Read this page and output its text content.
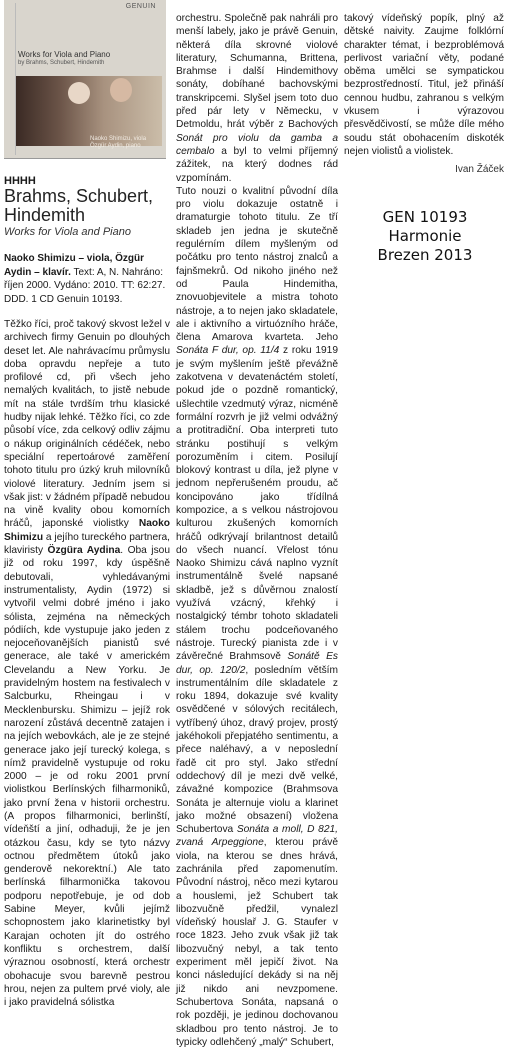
GENUIN
Works for Viola and Piano
by Brahms, Schubert, Hindemith
Naoko Shimizu, viola
Özgür Aydin, piano
HHHH
Brahms, Schubert, Hindemith
Works for Viola and Piano
Naoko Shimizu – viola, Özgür Aydin – klavír. Text: A, N. Nahráno: říjen 2000. Vydáno: 2010. TT: 62:27. DDD. 1 CD Genuin 10193.
Těžko říci, proč takový skvost ležel v archivech firmy Genuin po dlouhých deset let. Ale nahrávacímu průmyslu doba opravdu nepřeje a tuto profilové cd, při všech jeho nemalých kvalitách, to jistě nebude mít na stále tvrdším trhu klasické hudby nijak lehké. Těžko říci, co zde působí více, zda celkový odliv zájmu o nákup originálních cédéček, nebo speciální repertoárové zaměření tohoto titulu pro úzký kruh milovníků violové literatury. Jedním jsem si však jist: v žádném případě nebudou na vině kvality obou komorních hráčů, japonské violistky Naoko Shimizu a jejího tureckého partnera, klaviristy Özgüra Aydina. Oba jsou již od roku 1997, kdy úspěšně debutovali, vyhledávanými instrumentalisty, Aydin (1972) si vytvořil velmi dobré jméno i jako sólista, zejména na německých pódiích, kde vystupuje jako jeden z nejoceňovanějších pianistů své generace, ale také v americkém Clevelandu a New Yorku. Je pravidelným hostem na festivalech v Salcburku, Rheingau i v Mecklenbursku. Shimizu – jejíž rok narození zůstává decentně zatajen i na jejích webovkách, ale je ze stejné generace jako její turecký kolega, s nímž pravidelně vystupuje od roku 2000 – je od roku 2001 první violistkou Berlínských filharmoniků, jako první žena v historii orchestru. (A propos filharmonici, berlinští, vídeňští a jiní, odhaduji, že je jen otázkou času, kdy se tyto názvy octnou předmětem útoků jako genderově nekorektní.) Ale tato berlínská filharmonička takovou podporu nepotřebuje, je od dob Sabine Meyer, kvůli jejímž schopnostem jako klarinetistky byl Karajan ochoten jít do ostrého konfliktu s orchestrem, další výraznou osobností, která orchestr obohacuje svou barevně pestrou hrou, nejen za pultem prvé violy, ale i jako pravidelná sólistka
orchestru. Společně pak nahráli pro menší labely, jako je právě Genuin, některá díla skrovné violové literatury, Schumanna, Brittena, Brahmse i další Hindemithovy sonáty, dobíhané bachovskými transkripcemi. Slyšel jsem toto duo před pár lety v Německu, v Detmoldu, hrát výběr z Bachových Sonát pro violu da gamba a cembalo a byl to velmi příjemný zážitek, na který dodnes rád vzpomínám.
Tuto nouzi o kvalitní původní díla pro violu dokazuje ostatně i dramaturgie tohoto titulu. Ze tří skladeb jen jedna je skutečně regulérním dílem myšleným od počátku pro tento nástroj znalců a fajnšmekrů. Od nikoho jiného než od Paula Hindemitha, znovuobjevitele a mistra tohoto nástroje, a to nejen jako skladatele, ale i aktivního a virtuózního hráče, člena Amarova kvarteta. Jeho Sonáta F dur, op. 11/4 z roku 1919 je svým myšlením ještě převážně zakotvena v devatenáctém století, pokud jde o pozdně romantický, ušlechtile vzedmutý výraz, nicméně formální rozvrh je již velmi odvážný a protitradiční. Oba interpreti tuto stránku postihují s velkým porozuměním i citem. Posilují blokový kontrast u díla, jež plyne v jednom nepřerušeném proudu, ač koncipováno jako třídílná kompozice, a s velkou nástrojovou kulturou zkušených komorních hráčů odkrývají brilantnost detailů do všech nuancí. Vřelost tónu Naoko Shimizu cává naplno vyznít instrumentálně švelé napsané skladbě, jež s důvěrnou znalostí využívá vzácný, křehký i nostalgický témbr tohoto skladateli stálem trochu podceňovaného nástroje. Turecký pianista zde i v závěrečné Brahmsově Sonátě Es dur, op. 120/2, posledním větším instrumentálním díle skladatele z roku 1894, dokazuje své kvality osvědčené v sólových recitálech, vytříbený úhoz, dravý projev, prostý jakéhokoli přepjatého sentimentu, a přece naléhavý, a v neposlední řadě cit pro styl. Jako střední oddechový díl je mezi dvě velké, závažné kompozice (Brahmsova Sonáta je alternuje violu a klarinet jako možné obsazení) vložena Schubertova Sonáta a moll, D 821, zvaná Arpeggione, kterou právě viola, na kterou se dnes hrává, zachránila před zapomenutím. Původní nástroj, něco mezi kytarou a houslemi, jež Schubert tak libozvučně předžil, vynalezl vídeňský houslař J. G. Staufer v roce 1823. Jeho zvuk však již tak libozvučný nebyl, a tak tento experiment měl jepičí život. Na konci následující dekády si na něj již nikdo ani nevzpomene. Schubertova Sonáta, napsaná o rok později, je jedinou dochovanou skladbou pro tento nástroj. Je to typicky odlehčený „malý“ Schubert,
takový vídeňský popík, plný až dětské naivity. Zaujme folklórní charakter témat, i bezproblémová perlivost variační věty, podané oběma umělci se sympatickou bezprostředností. Titul, jež přináší cennou hudbu, zahranou s velkým vkusem i výrazovou přesvědčivostí, se může díle mého soudu stát obohacením diskoték nejen violistů a violistek.
Ivan Žáček
GEN 10193
Harmonie
Brezen 2013
